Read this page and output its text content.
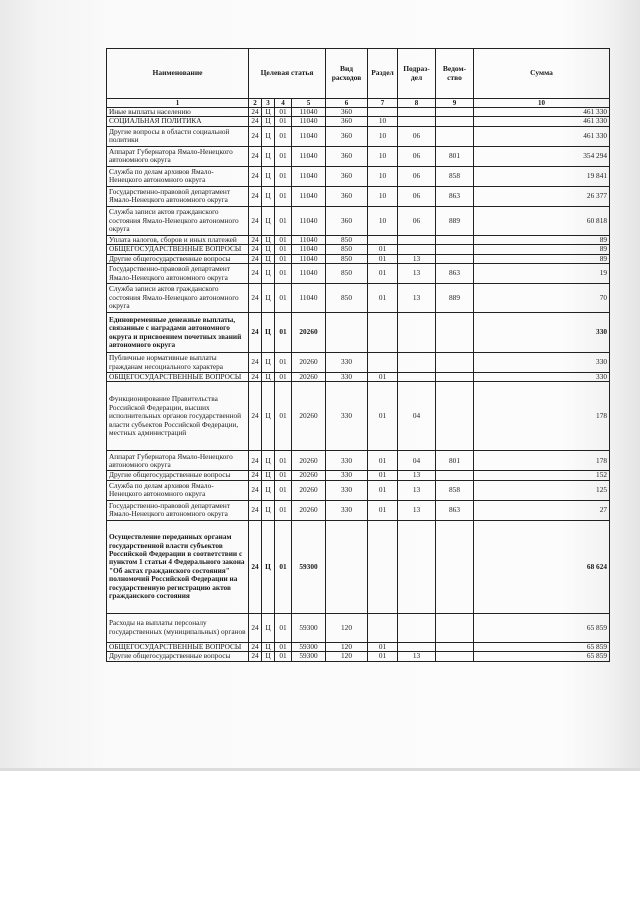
Наименование	Целевая статья				Вид расходов	Раздел	Подраз-дел	Ведом-ство	Сумма
1	2	3	4	5	6	7	8	9	10
Иные выплаты населению	24	Ц	01	11040	360				461 330
СОЦИАЛЬНАЯ ПОЛИТИКА	24	Ц	01	11040	360	10			461 330
Другие вопросы в области социальной политики	24	Ц	01	11040	360	10	06		461 330
Аппарат Губернатора Ямало-Ненецкого автономного округа	24	Ц	01	11040	360	10	06	801	354 294
Служба по делам архивов Ямало-Ненецкого автономного округа	24	Ц	01	11040	360	10	06	858	19 841
Государственно-правовой департамент Ямало-Ненецкого автономного округа	24	Ц	01	11040	360	10	06	863	26 377
Служба записи актов гражданского состояния Ямало-Ненецкого автономного округа	24	Ц	01	11040	360	10	06	889	60 818
Уплата налогов, сборов и иных платежей	24	Ц	01	11040	850				89
ОБЩЕГОСУДАРСТВЕННЫЕ ВОПРОСЫ	24	Ц	01	11040	850	01			89
Другие общегосударственные вопросы	24	Ц	01	11040	850	01	13		89
Государственно-правовой департамент Ямало-Ненецкого автономного округа	24	Ц	01	11040	850	01	13	863	19
Служба записи актов гражданского состояния Ямало-Ненецкого автономного округа	24	Ц	01	11040	850	01	13	889	70
Единовременные денежные выплаты, связанные с наградами автономного округа и присвоением почетных званий автономного округа	24	Ц	01	20260					330
Публичные нормативные выплаты гражданам несоциального характера	24	Ц	01	20260	330				330
ОБЩЕГОСУДАРСТВЕННЫЕ ВОПРОСЫ	24	Ц	01	20260	330	01			330
Функционирование Правительства Российской Федерации, высших исполнительных органов государственной власти субъектов Российской Федерации, местных администраций	24	Ц	01	20260	330	01	04		178
Аппарат Губернатора Ямало-Ненецкого автономного округа	24	Ц	01	20260	330	01	04	801	178
Другие общегосударственные вопросы	24	Ц	01	20260	330	01	13		152
Служба по делам архивов Ямало-Ненецкого автономного округа	24	Ц	01	20260	330	01	13	858	125
Государственно-правовой департамент Ямало-Ненецкого автономного округа	24	Ц	01	20260	330	01	13	863	27
Осуществление переданных органам государственной власти субъектов Российской Федерации в соответствии с пунктом 1 статьи 4 Федерального закона "Об актах гражданского состояния" полномочий Российской Федерации на государственную регистрацию актов гражданского состояния	24	Ц	01	59300					68 624
Расходы на выплаты персоналу государственных (муниципальных) органов	24	Ц	01	59300	120				65 859
ОБЩЕГОСУДАРСТВЕННЫЕ ВОПРОСЫ	24	Ц	01	59300	120	01			65 859
Другие общегосударственные вопросы	24	Ц	01	59300	120	01	13		65 859
